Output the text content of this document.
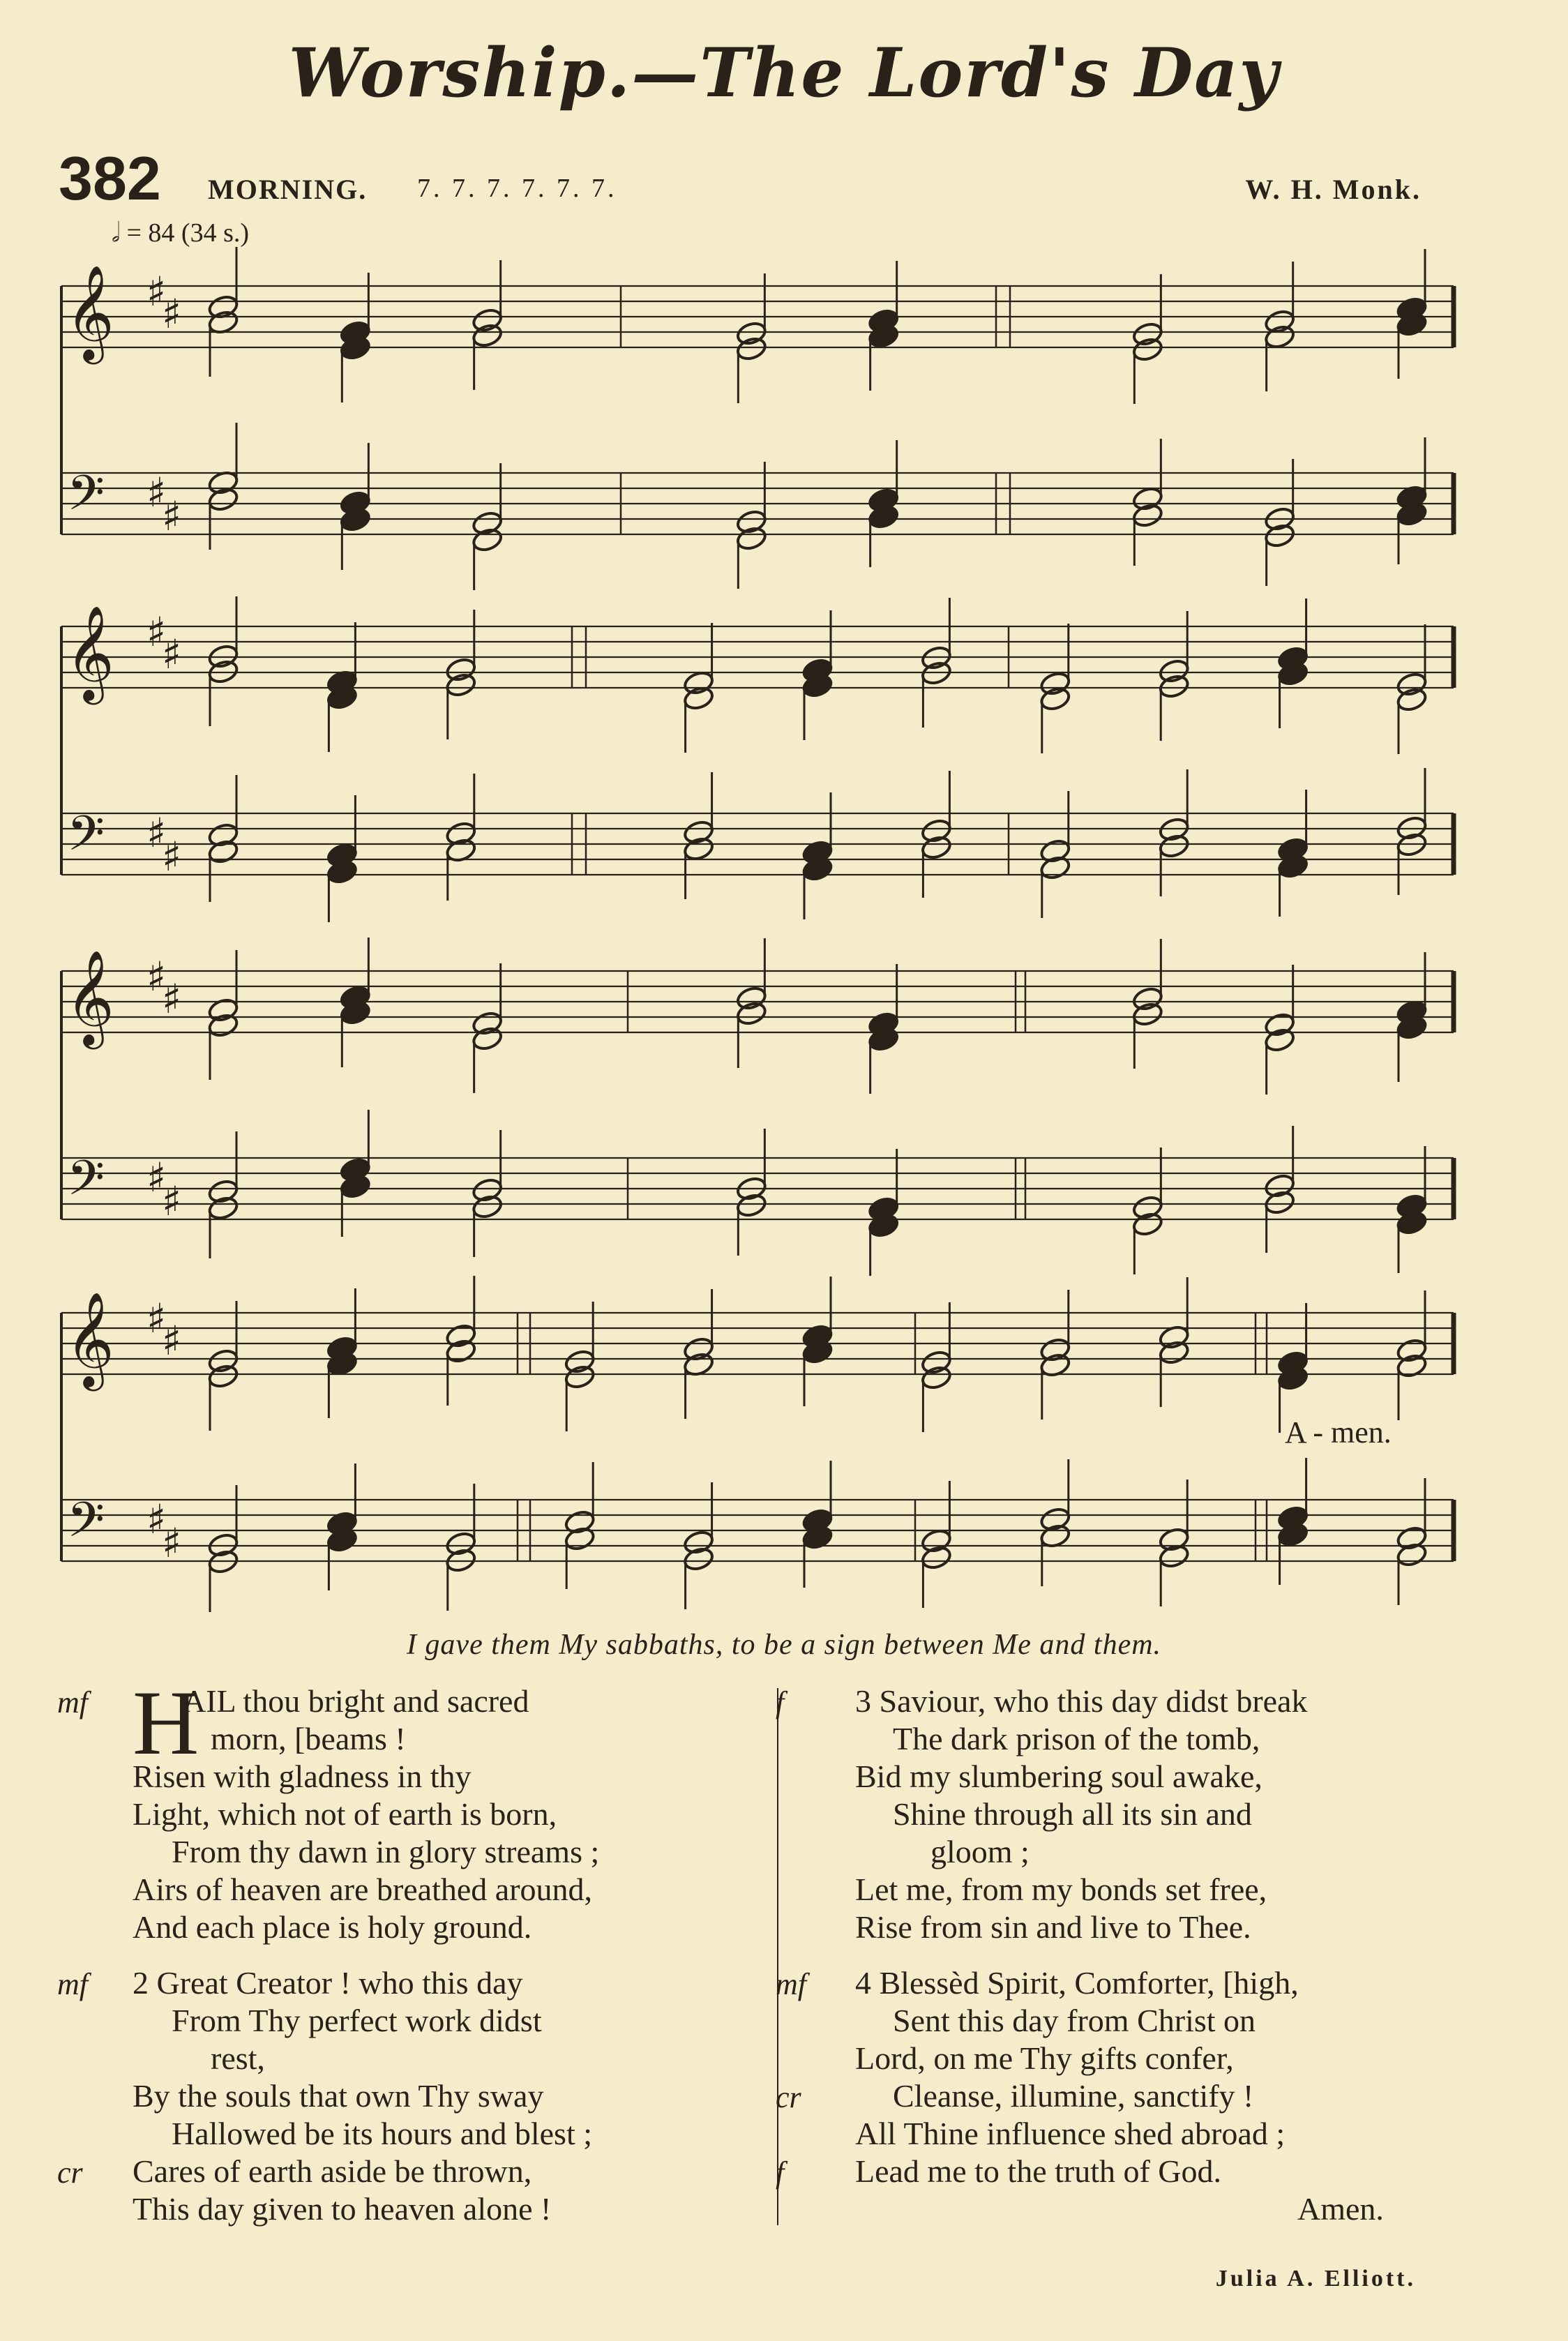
Worship.—The Lord's Day
382 MORNING. 7. 7. 7. 7. 7. 7.	W. H. Monk.
𝅗𝅥 = 84 (34 s.)
𝄞
𝄢
♯
♯
♯
♯
𝄞
𝄢
♯
♯
♯
♯
𝄞
𝄢
♯
♯
♯
♯
𝄞
𝄢
♯
♯
♯
♯
A - men.
I gave them My sabbaths, to be a sign between Me and them.
AIL thou bright and sacred
mf
morn, [beams !
Risen with gladness in thy
Light, which not of earth is born,
From thy dawn in glory streams ;
Airs of heaven are breathed around,
And each place is holy ground.
2 Great Creator ! who this day
mf
From Thy perfect work didst
rest,
By the souls that own Thy sway
Hallowed be its hours and blest ;
Cares of earth aside be thrown,
cr
This day given to heaven alone !
H	3 Saviour, who this day didst break
f
The dark prison of the tomb,
Bid my slumbering soul awake,
Shine through all its sin and
gloom ;
Let me, from my bonds set free,
Rise from sin and live to Thee.
4 Blessèd Spirit, Comforter, [high,
mf
Sent this day from Christ on
Lord, on me Thy gifts confer,
Cleanse, illumine, sanctify !
cr
All Thine influence shed abroad ;
Lead me to the truth of God.
f
Amen.
Julia A. Elliott.
